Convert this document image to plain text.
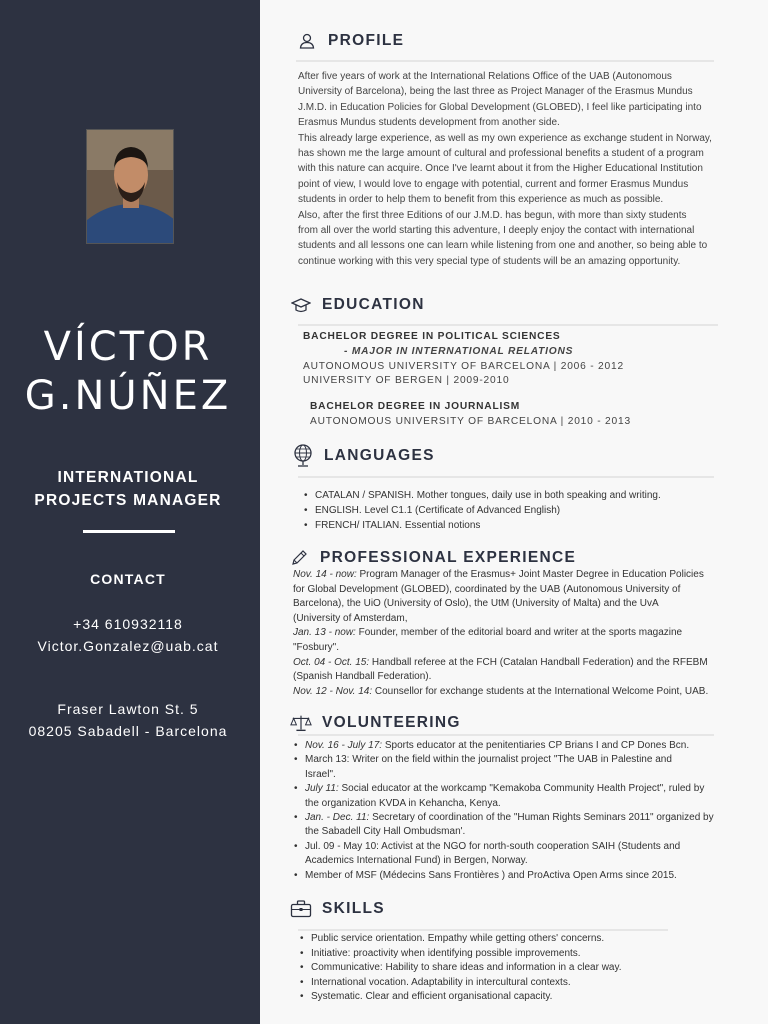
VÍCTOR
G.NÚÑEZ
INTERNATIONAL
PROJECTS MANAGER
CONTACT
+34 610932118
Victor.Gonzalez@uab.cat
Fraser Lawton St. 5
08205 Sabadell - Barcelona
PROFILE
After five years of work at the International Relations Office of the UAB (Autonomous
University of Barcelona), being the last three as Project Manager of the Erasmus Mundus
J.M.D. in Education Policies for Global Development (GLOBED), I feel like participating into
Erasmus Mundus students development from another side.
This already large experience, as well as my own experience as exchange student in Norway,
has shown me the large amount of cultural and professional benefits a student of a program
with this nature can acquire. Once I've learnt about it from the Higher Educational Institution
point of view, I would love to engage with potential, current and former Erasmus Mundus
students in order to help them to benefit from this experience as much as possible.
Also, after the first three Editions of our J.M.D. has begun, with more than sixty students
from all over the world starting this adventure, I deeply enjoy the contact with international
students and all lessons one can learn while listening from one and another, so being able to
continue working with this very special type of students will be an amazing opportunity.
EDUCATION
BACHELOR DEGREE IN POLITICAL SCIENCES
- MAJOR IN INTERNATIONAL RELATIONS
AUTONOMOUS UNIVERSITY OF BARCELONA | 2006 - 2012
UNIVERSITY OF BERGEN | 2009-2010
BACHELOR DEGREE IN JOURNALISM
AUTONOMOUS UNIVERSITY OF BARCELONA | 2010 - 2013
LANGUAGES
• CATALAN / SPANISH. Mother tongues, daily use in both speaking and writing.
• ENGLISH. Level C1.1 (Certificate of Advanced English)
• FRENCH/ ITALIAN. Essential notions
PROFESSIONAL EXPERIENCE
Nov. 14 - now: Program Manager of the Erasmus+ Joint Master Degree in Education Policies
for Global Development (GLOBED), coordinated by the UAB (Autonomous University of
Barcelona), the UiO (University of Oslo), the UtM (University of Malta) and the UvA
(University of Amsterdam,
Jan. 13 - now: Founder, member of the editorial board and writer at the sports magazine
"Fosbury".
Oct. 04 - Oct. 15: Handball referee at the FCH (Catalan Handball Federation) and the RFEBM
(Spanish Handball Federation).
Nov. 12 - Nov. 14: Counsellor for exchange students at the International Welcome Point, UAB.
VOLUNTEERING
• Nov. 16 - July 17: Sports educator at the penitentiaries CP Brians I and CP Dones Bcn.
• March 13: Writer on the field within the journalist project "The UAB in Palestine and
Israel".
• July 11: Social educator at the workcamp "Kemakoba Community Health Project", ruled by
the organization KVDA in Kehancha, Kenya.
• Jan. - Dec. 11: Secretary of coordination of the "Human Rights Seminars 2011" organized by
the Sabadell City Hall Ombudsman'.
• Jul. 09 - May 10: Activist at the NGO for north-south cooperation SAIH (Students and
Academics International Fund) in Bergen, Norway.
• Member of MSF (Médecins Sans Frontières ) and ProActiva Open Arms since 2015.
SKILLS
• Public service orientation. Empathy while getting others' concerns.
• Initiative: proactivity when identifying possible improvements.
• Communicative: Hability to share ideas and information in a clear way.
• International vocation. Adaptability in intercultural contexts.
• Systematic. Clear and efficient organisational capacity.
